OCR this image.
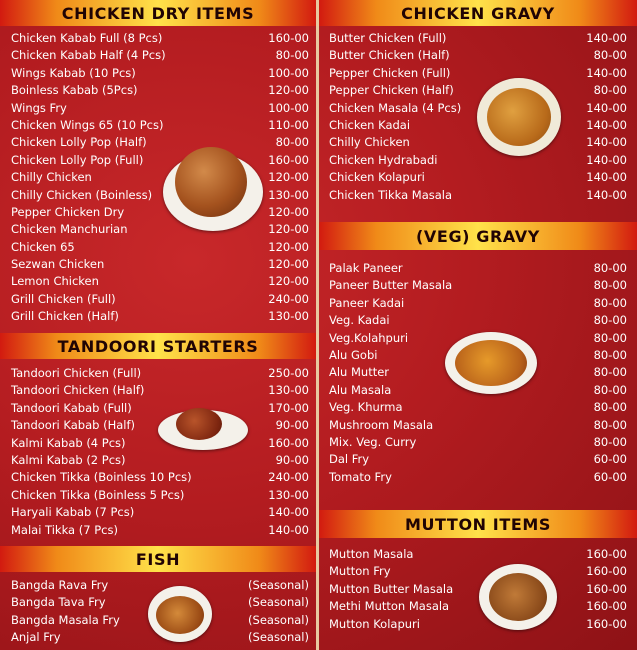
CHICKEN DRY ITEMS
Chicken Kabab Full (8 Pcs)	160-00
Chicken Kabab Half (4 Pcs)	80-00
Wings Kabab (10 Pcs)	100-00
Boinless Kabab (5Pcs)	120-00
Wings Fry	100-00
Chicken Wings 65 (10 Pcs)	110-00
Chicken Lolly Pop (Half)	80-00
Chicken Lolly Pop (Full)	160-00
Chilly Chicken	120-00
Chilly Chicken (Boinless)	130-00
Pepper Chicken Dry	120-00
Chicken Manchurian	120-00
Chicken 65	120-00
Sezwan Chicken	120-00
Lemon Chicken	120-00
Grill Chicken (Full)	240-00
Grill Chicken (Half)	130-00
TANDOORI STARTERS
Tandoori Chicken (Full)	250-00
Tandoori Chicken (Half)	130-00
Tandoori Kabab (Full)	170-00
Tandoori Kabab (Half)	90-00
Kalmi Kabab (4 Pcs)	160-00
Kalmi Kabab (2 Pcs)	90-00
Chicken Tikka (Boinless 10 Pcs)	240-00
Chicken Tikka (Boinless 5 Pcs)	130-00
Haryali Kabab (7 Pcs)	140-00
Malai Tikka (7 Pcs)	140-00
FISH
Bangda Rava Fry	(Seasonal)
Bangda Tava Fry	(Seasonal)
Bangda Masala Fry	(Seasonal)
Anjal Fry	(Seasonal)
CHICKEN GRAVY
Butter Chicken (Full)	140-00
Butter Chicken (Half)	80-00
Pepper Chicken (Full)	140-00
Pepper Chicken (Half)	80-00
Chicken Masala (4 Pcs)	140-00
Chicken Kadai	140-00
Chilly Chicken	140-00
Chicken Hydrabadi	140-00
Chicken Kolapuri	140-00
Chicken Tikka Masala	140-00
(VEG) GRAVY
Palak Paneer	80-00
Paneer Butter Masala	80-00
Paneer Kadai	80-00
Veg. Kadai	80-00
Veg.Kolahpuri	80-00
Alu Gobi	80-00
Alu Mutter	80-00
Alu Masala	80-00
Veg. Khurma	80-00
Mushroom Masala	80-00
Mix. Veg. Curry	80-00
Dal Fry	60-00
Tomato Fry	60-00
MUTTON ITEMS
Mutton Masala	160-00
Mutton Fry	160-00
Mutton Butter Masala	160-00
Methi Mutton Masala	160-00
Mutton Kolapuri	160-00
